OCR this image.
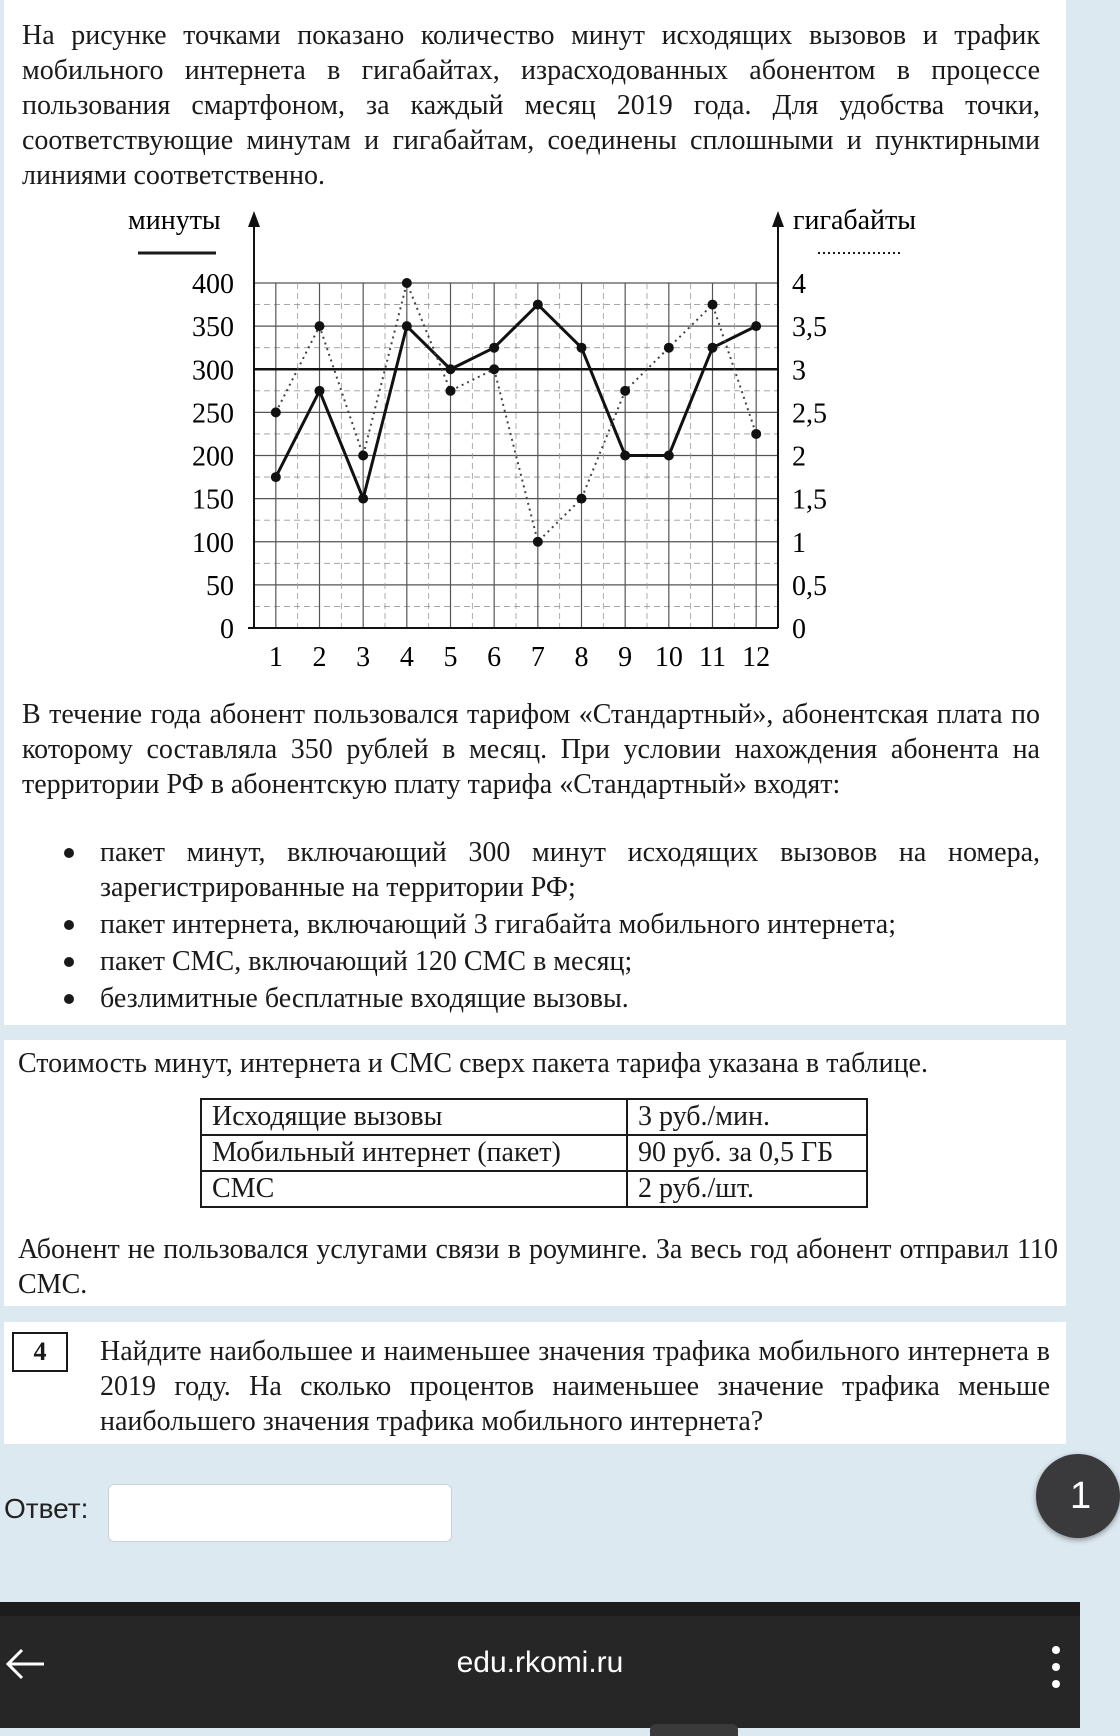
На рисунке точками показано количество минут исходящих вызовов и трафик мобильного интернета в гигабайтах, израсходованных абонентом в процессе пользования смартфоном, за каждый месяц 2019 года. Для удобства точки, соответствующие минутам и гигабайтам, соединены сплошными и пунктирными линиями соответственно.

400
350
300
250
200
150
100
50
0
4
3,5
3
2,5
2
1,5
1
0,5
0
1 2 3 4 5 6 7 8 9 10 11 12
минуты	гигабайты

В течение года абонент пользовался тарифом «Стандартный», абонентская плата по которому составляла 350 рублей в месяц. При условии нахождения абонента на территории РФ в абонентскую плату тарифа «Стандартный» входят:

пакет минут, включающий 300 минут исходящих вызовов на номера, зарегистрированные на территории РФ;
пакет интернета, включающий 3 гигабайта мобильного интернета;
пакет СМС, включающий 120 СМС в месяц;
безлимитные бесплатные входящие вызовы.

Стоимость минут, интернета и СМС сверх пакета тарифа указана в таблице.

Исходящие вызовы	3 руб./мин.
Мобильный интернет (пакет)	90 руб. за 0,5 ГБ
СМС	2 руб./шт.

Абонент не пользовался услугами связи в роуминге. За весь год абонент отправил 110 СМС.

4	Найдите наибольшее и наименьшее значения трафика мобильного интернета в 2019 году. На сколько процентов наименьшее значение трафика меньше наибольшего значения трафика мобильного интернета?

Ответ:	1
edu.rkomi.ru
